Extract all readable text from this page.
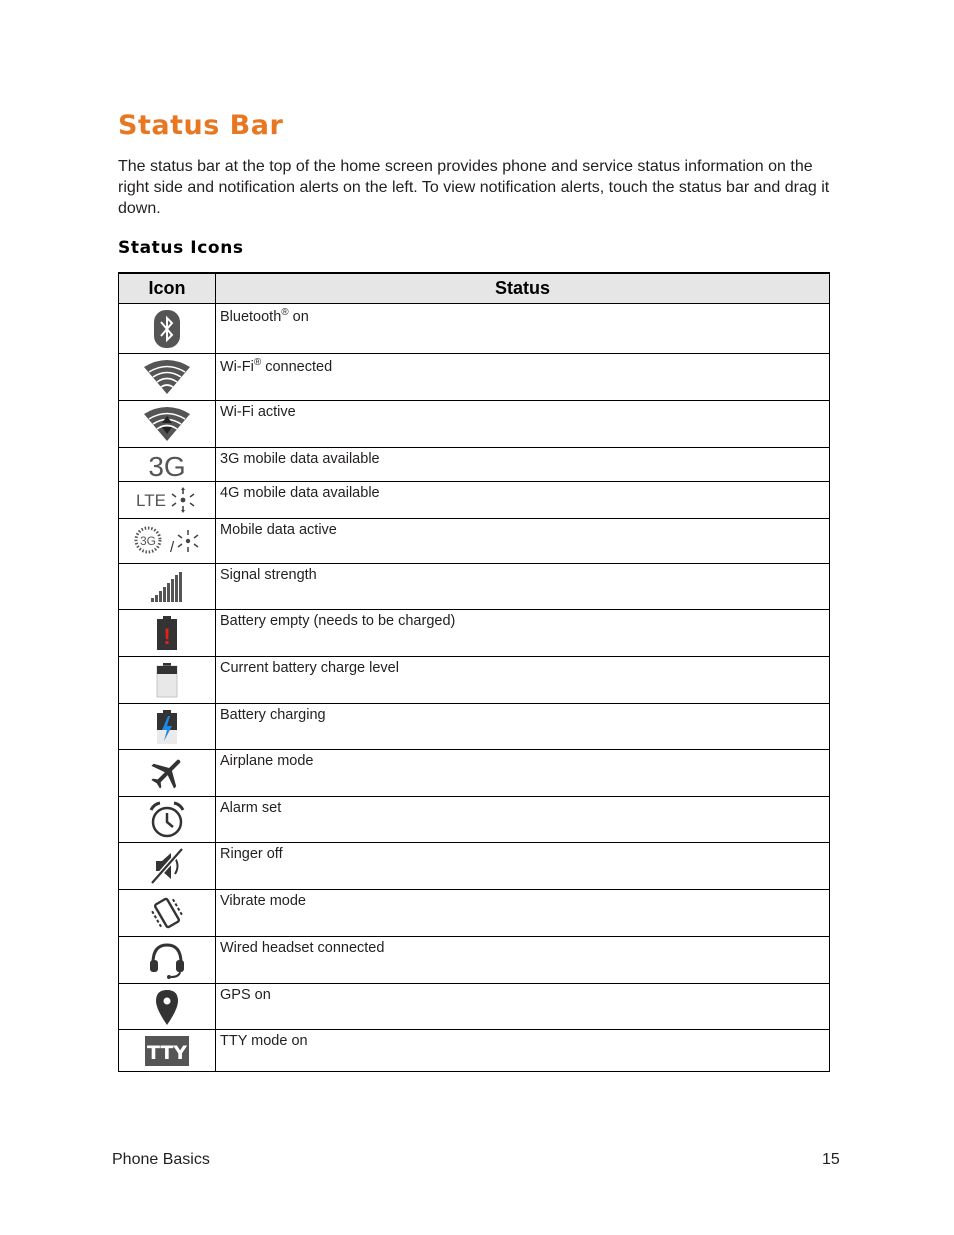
Status Bar

The status bar at the top of the home screen provides phone and service status information on the right side and notification alerts on the left. To view notification alerts, touch the status bar and drag it down.

Status Icons
Icon	Status

	Bluetooth® on

	Wi-Fi® connected

	Wi-Fi active

3G	3G mobile data available

LTE	4G mobile data available

3G /	Mobile data active

	Signal strength

!	Battery empty (needs to be charged)

	Current battery charge level

	Battery charging

	Airplane mode

	Alarm set

	Ringer off

	Vibrate mode

	Wired headset connected

	GPS on

TTY	TTY mode on
Phone Basics	15
